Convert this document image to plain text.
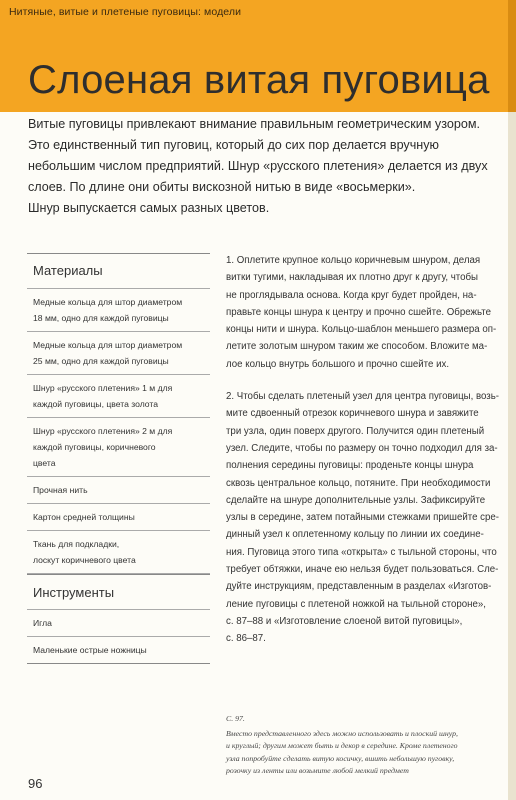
Нитяные, витые и плетеные пуговицы: модели
Слоеная витая пуговица

Витые пуговицы привлекают внимание правильным геометрическим узором.
Это единственный тип пуговиц, который до сих пор делается вручную
небольшим числом предприятий. Шнур «русского плетения» делается из двух
слоев. По длине они обиты вискозной нитью в виде «восьмерки».
Шнур выпускается самых разных цветов.

Материалы
Медные кольца для штор диаметром
18 мм, одно для каждой пуговицы
Медные кольца для штор диаметром
25 мм, одно для каждой пуговицы
Шнур «русского плетения» 1 м для
каждой пуговицы, цвета золота
Шнур «русского плетения» 2 м для
каждой пуговицы, коричневого
цвета
Прочная нить
Картон средней толщины
Ткань для подкладки,
лоскут коричневого цвета
Инструменты
Игла
Маленькие острые ножницы
1. Оплетите крупное кольцо коричневым шнуром, делая
витки тугими, накладывая их плотно друг к другу, чтобы
не проглядывала основа. Когда круг будет пройден, на-
правьте концы шнура к центру и прочно сшейте. Обрежьте
концы нити и шнура. Кольцо-шаблон меньшего размера оп-
летите золотым шнуром таким же способом. Вложите ма-
лое кольцо внутрь большого и прочно сшейте их.
2. Чтобы сделать плетеный узел для центра пуговицы, возь-
мите сдвоенный отрезок коричневого шнура и завяжите
три узла, один поверх другого. Получится один плетеный
узел. Следите, чтобы по размеру он точно подходил для за-
полнения середины пуговицы: проденьте концы шнура
сквозь центральное кольцо, потяните. При необходимости
сделайте на шнуре дополнительные узлы. Зафиксируйте
узлы в середине, затем потайными стежками пришейте сре-
динный узел к оплетенному кольцу по линии их соедине-
ния. Пуговица этого типа «открыта» с тыльной стороны, что
требует обтяжки, иначе ею нельзя будет пользоваться. Сле-
дуйте инструкциям, представленным в разделах «Изготов-
ление пуговицы с плетеной ножкой на тыльной стороне»,
с. 87–88 и «Изготовление слоеной витой пуговицы»,
с. 86–87.
С. 97.
Вместо представленного здесь можно использовать и плоский шнур,
и круглый; другим может быть и декор в середине. Кроме плетеного
узла попробуйте сделать витую косичку, вшить небольшую пуговку,
розочку из ленты или возьмите любой мелкий предмет
96
